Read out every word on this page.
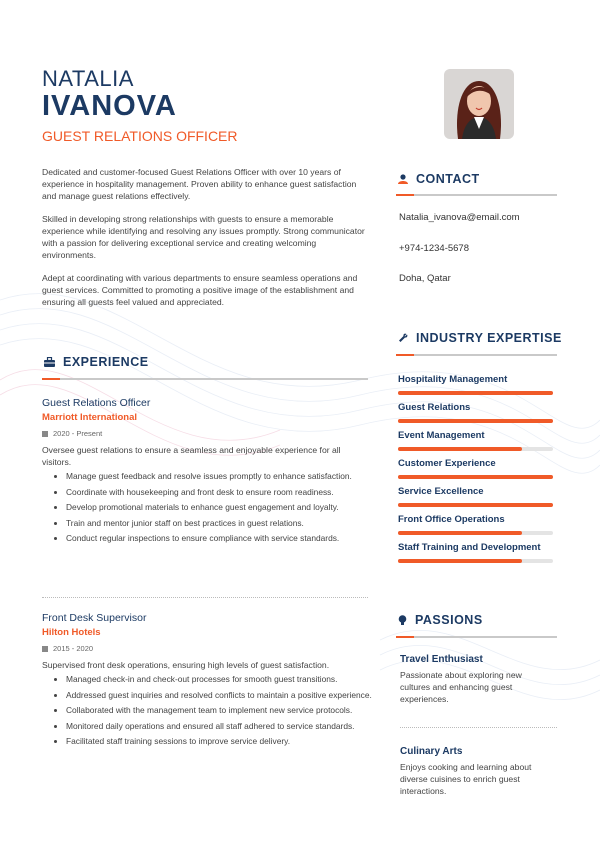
NATALIA
IVANOVA
GUEST RELATIONS OFFICER

Dedicated and customer-focused Guest Relations Officer with over 10 years of experience in hospitality management. Proven ability to enhance guest satisfaction and manage guest relations effectively.

Skilled in developing strong relationships with guests to ensure a memorable experience while identifying and resolving any issues promptly. Strong communicator with a passion for delivering exceptional service and creating welcoming environments.

Adept at coordinating with various departments to ensure seamless operations and guest services. Committed to promoting a positive image of the establishment and ensuring all guests feel valued and appreciated.

EXPERIENCE
Guest Relations Officer
Marriott International
2020 - Present
Oversee guest relations to ensure a seamless and enjoyable experience for all visitors.
• Manage guest feedback and resolve issues promptly to enhance satisfaction.
• Coordinate with housekeeping and front desk to ensure room readiness.
• Develop promotional materials to enhance guest engagement and loyalty.
• Train and mentor junior staff on best practices in guest relations.
• Conduct regular inspections to ensure compliance with service standards.
Front Desk Supervisor
Hilton Hotels
2015 - 2020
Supervised front desk operations, ensuring high levels of guest satisfaction.
• Managed check-in and check-out processes for smooth guest transitions.
• Addressed guest inquiries and resolved conflicts to maintain a positive experience.
• Collaborated with the management team to implement new service protocols.
• Monitored daily operations and ensured all staff adhered to service standards.
• Facilitated staff training sessions to improve service delivery.
CONTACT
Natalia_ivanova@email.com
+974-1234-5678
Doha, Qatar
INDUSTRY EXPERTISE
Hospitality Management
Guest Relations
Event Management
Customer Experience
Service Excellence
Front Office Operations
Staff Training and Development
PASSIONS
Travel Enthusiast
Passionate about exploring new cultures and enhancing guest experiences.
Culinary Arts
Enjoys cooking and learning about diverse cuisines to enrich guest interactions.
